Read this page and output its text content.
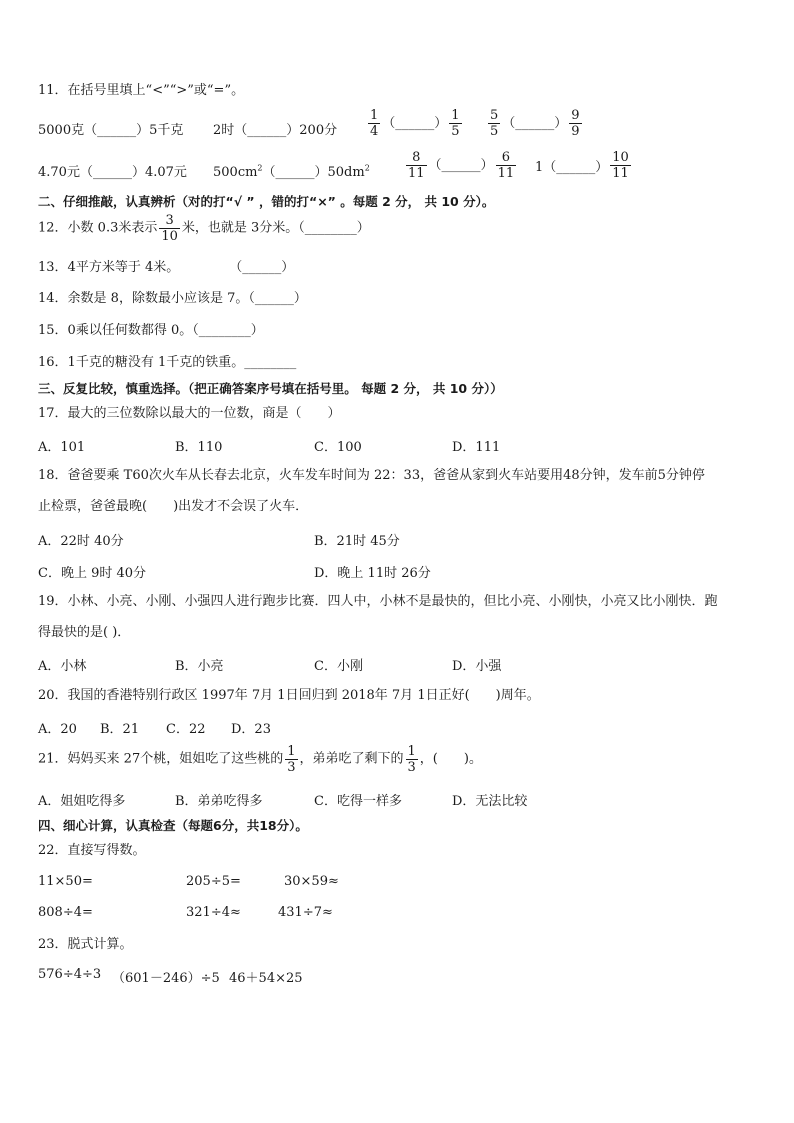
11．在括号里填上“<”“>”或“=”。
5000克（______）5千克 2时（______）200分 $\frac{1}{4}$ （______） $\frac{1}{5} \frac{5}{5}$ （______） $\frac{9}{9}$
4.70元（______）4.07元 $500cm^2(\_\_\_\_\_\_)50dm^2$	$\frac{8}{11}$ （______） $\frac{6}{11}$ 1（______） $\frac{10}{11}$
二、仔细推敲，认真辨析（对的打“√ ” ，错的打“×” 。每题 2 分， 共 10 分）。
12．小数 0.3米表示 $\frac{3}{10}$ 米，也就是 3分米。（________）
13．4平方米等于 4米。	（______）
14．余数是 8，除数最小应该是 7。（______）
15．0乘以任何数都得 0。（________）
16．1千克的糖没有 1千克的铁重。________
三、反复比较，慎重选择。（把正确答案序号填在括号里。 每题 2 分， 共 10 分））
17．最大的三位数除以最大的一位数，商是（　　）
A．101	B．110	C．100	D．111
18．爸爸要乘 T60次火车从长春去北京，火车发车时间为 22：33，爸爸从家到火车站要用48分钟，发车前5分钟停
止检票，爸爸最晚(　　)出发才不会误了火车．
A．22时 40分	B．21时 45分
C．晚上 9时 40分	D．晚上 11时 26分
19．小林、小亮、小刚、小强四人进行跑步比赛．四人中，小林不是最快的，但比小亮、小刚快，小亮又比小刚快．跑
得最快的是( )．
A．小林	B．小亮	C．小刚	D．小强
20．我国的香港特别行政区 1997年 7月 1日回归到 2018年 7月 1日正好(　　)周年。
A．20 B．21 C．22 D．23
21．妈妈买来 27个桃，姐姐吃了这些桃的 $\frac{1}{3}$ ，弟弟吃了剩下的 $\frac{1}{3}$ ，(　　)。
A．姐姐吃得多	B．弟弟吃得多	C．吃得一样多	D．无法比较
四、细心计算，认真检查（每题6分，共18分）。
22．直接写得数。
11×50=	205÷5=	30×59≈
808÷4=	321÷4≈	431÷7≈
23．脱式计算。
576÷4÷3 （601－246）÷5 46＋54×25
